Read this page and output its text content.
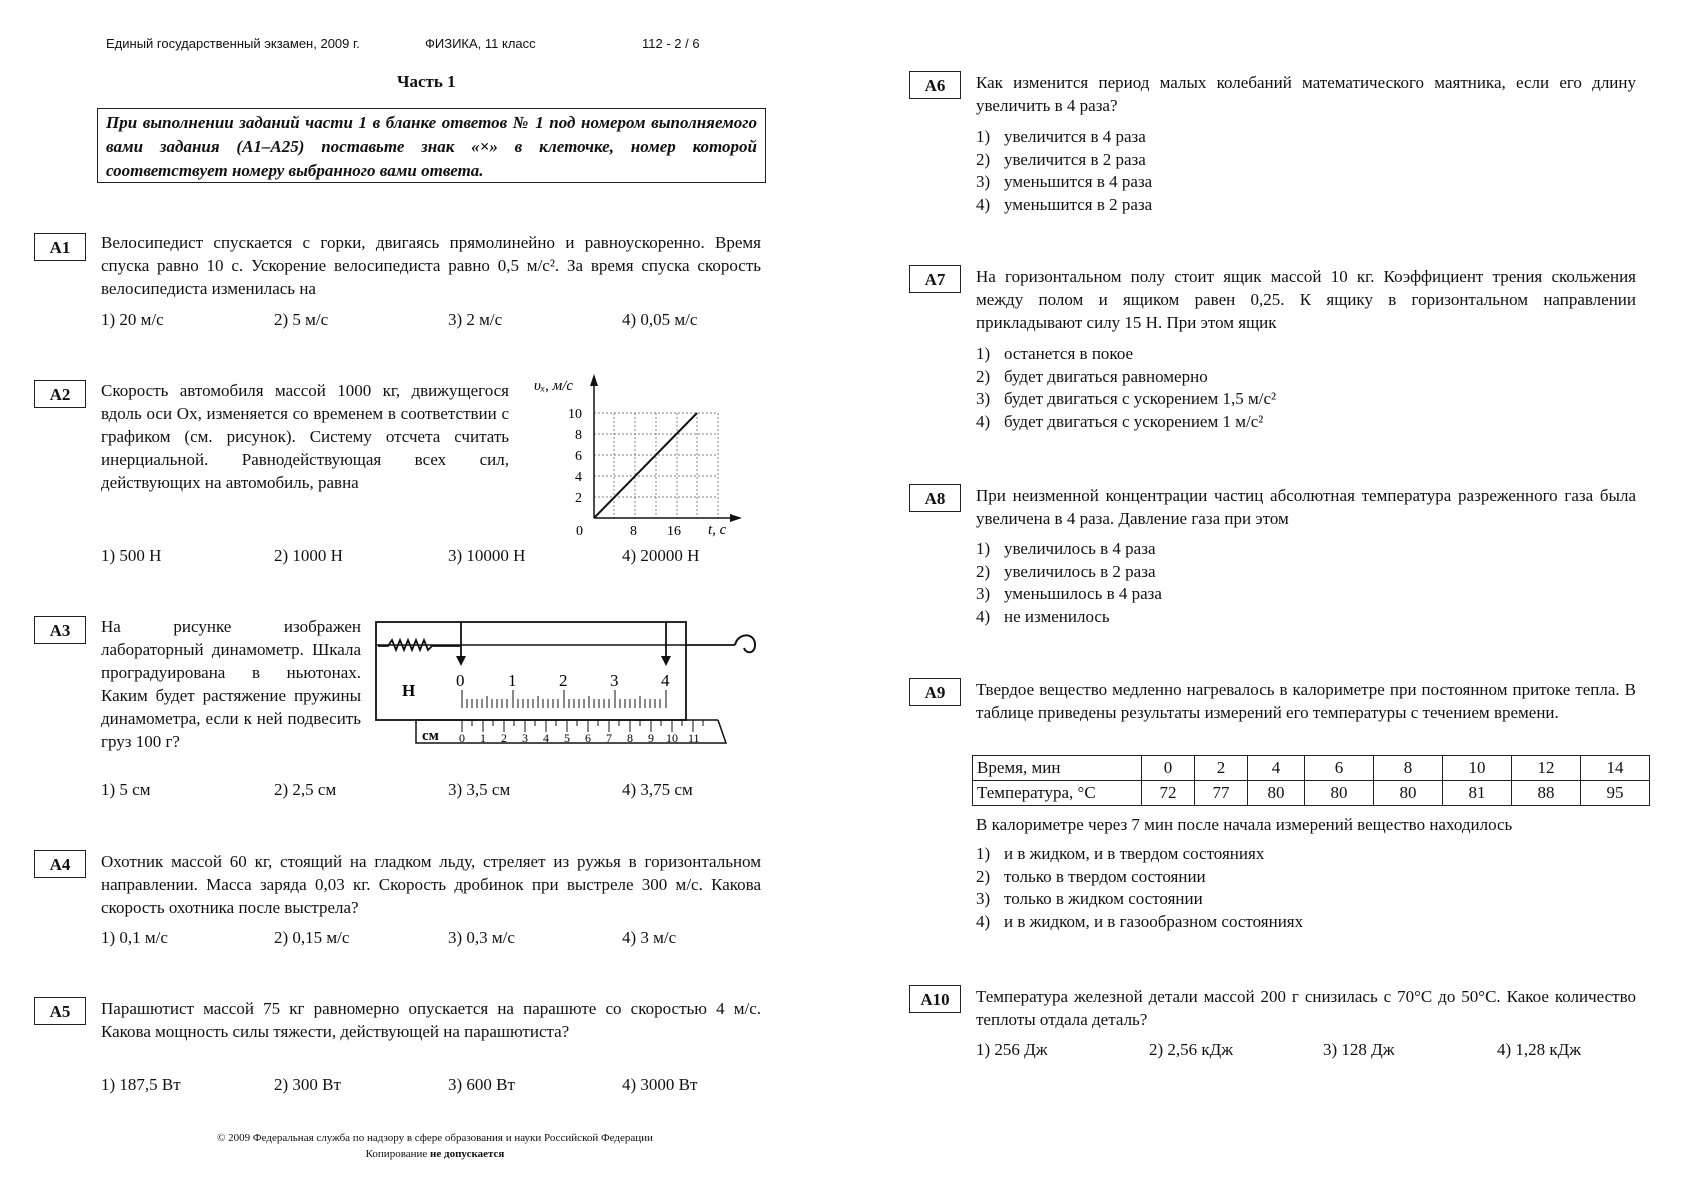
Единый государственный экзамен, 2009 г.	ФИЗИКА, 11 класс	112 - 2 / 6
Часть 1
При выполнении заданий части 1 в бланке ответов № 1 под номером выполняемого вами задания (А1–А25) поставьте знак «×» в клеточке, номер которой соответствует номеру выбранного вами ответа.
A1	Велосипедист спускается с горки, двигаясь прямолинейно и равноускоренно. Время спуска равно 10 с. Ускорение велосипедиста равно 0,5 м/с². За время спуска скорость велосипедиста изменилась на
1) 20 м/с	2) 5 м/с	3) 2 м/с	4) 0,05 м/с
A2	Скорость автомобиля массой 1000 кг, движущегося вдоль оси Ох, изменяется со временем в соответствии с графиком (см. рисунок). Систему отсчета считать инерциальной. Равнодействующая всех сил, действующих на автомобиль, равна
υₓ, м/с
10
8
6
4
2
0	8 16 t, c
1) 500 Н	2) 1000 Н	3) 10000 Н	4) 20000 Н
A3	На рисунке изображен лабораторный динамометр. Шкала проградуирована в ньютонах. Каким будет растяжение пружины динамометра, если к ней подвесить груз 100 г?
0	1	2	3	4
Н
0 1 2 3 4 5 6 7 8 9 10 11
см
1) 5 см	2) 2,5 см	3) 3,5 см	4) 3,75 см
A4	Охотник массой 60 кг, стоящий на гладком льду, стреляет из ружья в горизонтальном направлении. Масса заряда 0,03 кг. Скорость дробинок при выстреле 300 м/с. Какова скорость охотника после выстрела?
1) 0,1 м/с	2) 0,15 м/с	3) 0,3 м/с	4) 3 м/с
A5	Парашютист массой 75 кг равномерно опускается на парашюте со скоростью 4 м/с. Какова мощность силы тяжести, действующей на парашютиста?
1) 187,5 Вт	2) 300 Вт	3) 600 Вт	4) 3000 Вт
© 2009 Федеральная служба по надзору в сфере образования и науки Российской Федерации
Копирование не допускается
A6	Как изменится период малых колебаний математического маятника, если его длину увеличить в 4 раза?
1) увеличится в 4 раза
2) увеличится в 2 раза
3) уменьшится в 4 раза
4) уменьшится в 2 раза
A7	На горизонтальном полу стоит ящик массой 10 кг. Коэффициент трения скольжения между полом и ящиком равен 0,25. К ящику в горизонтальном направлении прикладывают силу 15 Н. При этом ящик
1) останется в покое
2) будет двигаться равномерно
3) будет двигаться с ускорением 1,5 м/с²
4) будет двигаться с ускорением 1 м/с²
A8	При неизменной концентрации частиц абсолютная температура разреженного газа была увеличена в 4 раза. Давление газа при этом
1) увеличилось в 4 раза
2) увеличилось в 2 раза
3) уменьшилось в 4 раза
4) не изменилось
A9	Твердое вещество медленно нагревалось в калориметре при постоянном притоке тепла. В таблице приведены результаты измерений его температуры с течением времени.
Время, мин	0	2	4	6	8	10	12	14
Температура, °С	72	77	80	80	80	81	88	95
В калориметре через 7 мин после начала измерений вещество находилось
1) и в жидком, и в твердом состояниях
2) только в твердом состоянии
3) только в жидком состоянии
4) и в жидком, и в газообразном состояниях
A10	Температура железной детали массой 200 г снизилась с 70°С до 50°С. Какое количество теплоты отдала деталь?
1) 256 Дж	2) 2,56 кДж	3) 128 Дж	4) 1,28 кДж
